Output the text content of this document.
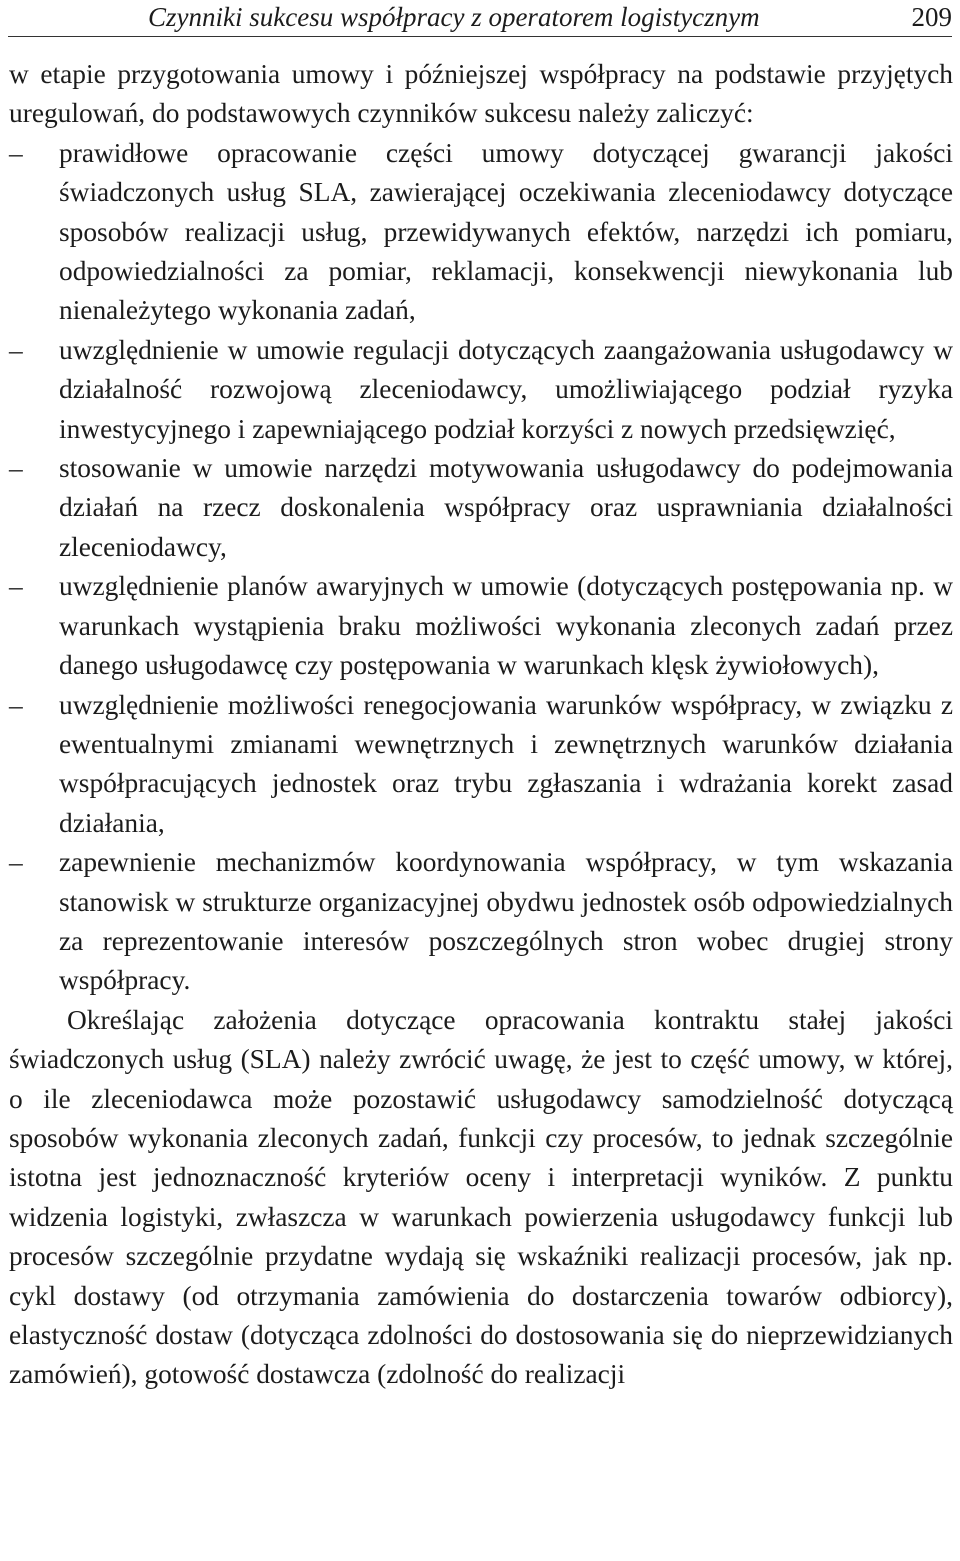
Czynniki sukcesu współpracy z operatorem logistycznym	209

w etapie przygotowania umowy i późniejszej współpracy na podstawie przyjętych uregulowań, do podstawowych czynników sukcesu należy zaliczyć:

– prawidłowe opracowanie części umowy dotyczącej gwarancji jakości świadczonych usług SLA, zawierającej oczekiwania zleceniodawcy dotyczące sposobów realizacji usług, przewidywanych efektów, narzędzi ich pomiaru, odpowiedzialności za pomiar, reklamacji, konsekwencji niewykonania lub nienależytego wykonania zadań,
– uwzględnienie w umowie regulacji dotyczących zaangażowania usługodawcy w działalność rozwojową zleceniodawcy, umożliwiającego podział ryzyka inwestycyjnego i zapewniającego podział korzyści z nowych przedsięwzięć,
– stosowanie w umowie narzędzi motywowania usługodawcy do podejmowania działań na rzecz doskonalenia współpracy oraz usprawniania działalności zleceniodawcy,
– uwzględnienie planów awaryjnych w umowie (dotyczących postępowania np. w warunkach wystąpienia braku możliwości wykonania zleconych zadań przez danego usługodawcę czy postępowania w warunkach klęsk żywiołowych),
– uwzględnienie możliwości renegocjowania warunków współpracy, w związku z ewentualnymi zmianami wewnętrznych i zewnętrznych warunków działania współpracujących jednostek oraz trybu zgłaszania i wdrażania korekt zasad działania,
– zapewnienie mechanizmów koordynowania współpracy, w tym wskazania stanowisk w strukturze organizacyjnej obydwu jednostek osób odpowiedzialnych za reprezentowanie interesów poszczególnych stron wobec drugiej strony współpracy.

Określając założenia dotyczące opracowania kontraktu stałej jakości świadczonych usług (SLA) należy zwrócić uwagę, że jest to część umowy, w której, o ile zleceniodawca może pozostawić usługodawcy samodzielność dotyczącą sposobów wykonania zleconych zadań, funkcji czy procesów, to jednak szczególnie istotna jest jednoznaczność kryteriów oceny i interpretacji wyników. Z punktu widzenia logistyki, zwłaszcza w warunkach powierzenia usługodawcy funkcji lub procesów szczególnie przydatne wydają się wskaźniki realizacji procesów, jak np. cykl dostawy (od otrzymania zamówienia do dostarczenia towarów odbiorcy), elastyczność dostaw (dotycząca zdolności do dostosowania się do nieprzewidzianych zamówień), gotowość dostawcza (zdolność do realizacji
